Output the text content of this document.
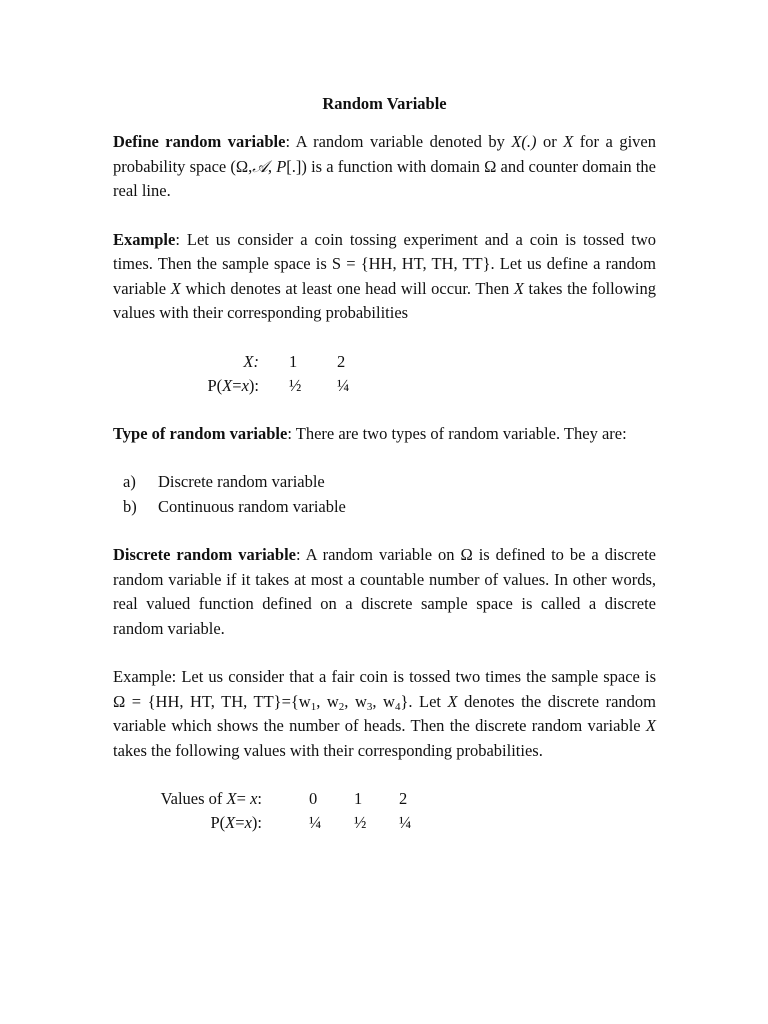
Random Variable

Define random variable: A random variable denoted by X(.) or X for a given probability space (Ω,𝒜, P[.]) is a function with domain Ω and counter domain the real line.

Example: Let us consider a coin tossing experiment and a coin is tossed two times. Then the sample space is S = {HH, HT, TH, TT}. Let us define a random variable X which denotes at least one head will occur. Then X takes the following values with their corresponding probabilities

X:	1	2
P(X=x):	½	¼

Type of random variable: There are two types of random variable. They are:

a) Discrete random variable
b) Continuous random variable

Discrete random variable: A random variable on Ω is defined to be a discrete random variable if it takes at most a countable number of values. In other words, real valued function defined on a discrete sample space is called a discrete random variable.

Example: Let us consider that a fair coin is tossed two times the sample space is Ω = {HH, HT, TH, $TT\}=\{w_1$, $w_2$, $w_3$, $w_4$}. Let X denotes the discrete random variable which shows the number of heads. Then the discrete random variable X takes the following values with their corresponding probabilities.

Values of X= x:	0	1	2
P(X=x):	¼	½	¼
